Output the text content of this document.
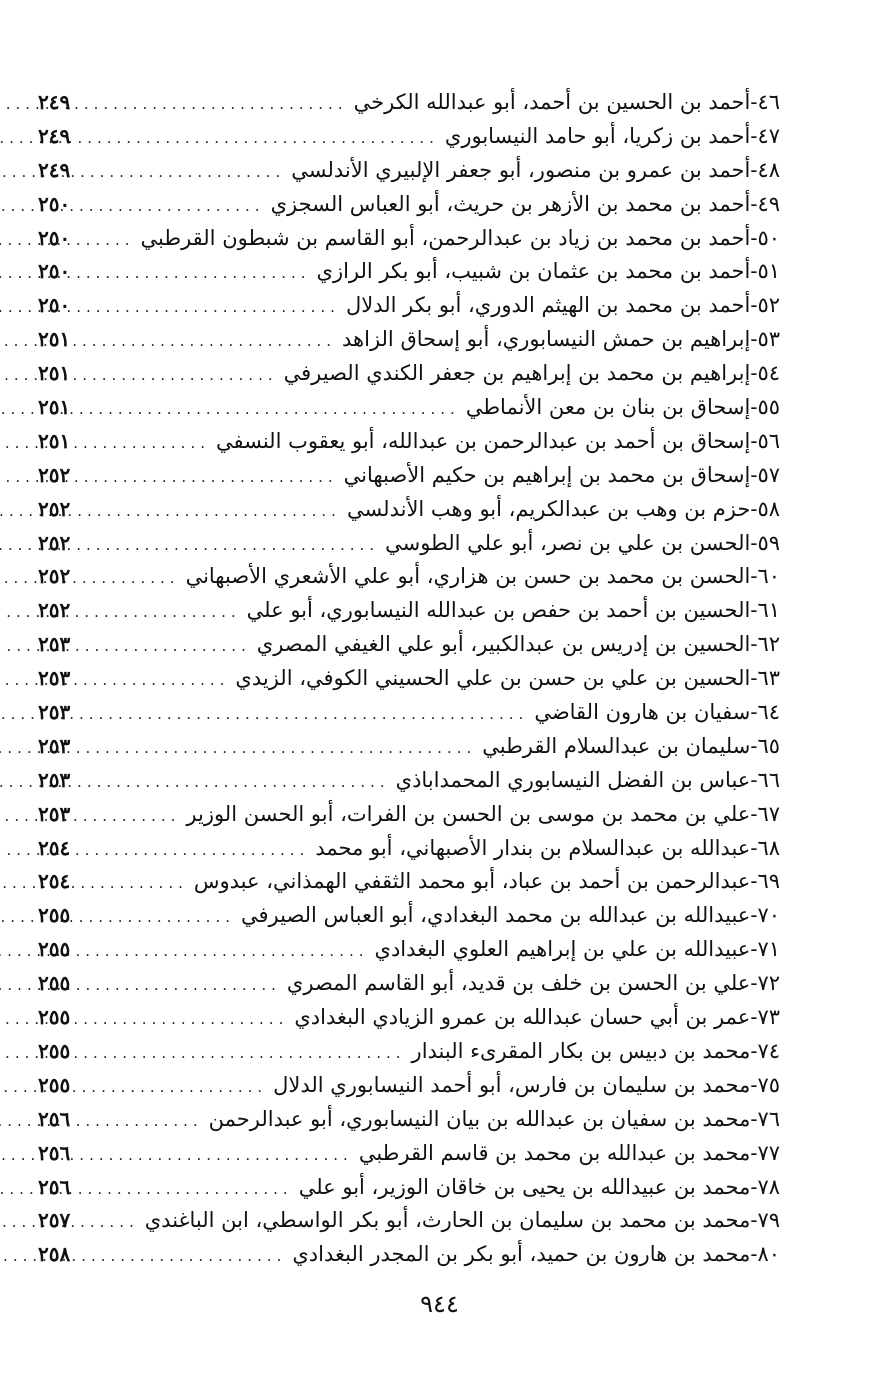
٤٦-
أحمد بن الحسين بن أحمد، أبو عبدالله الكرخي
.....
٢٤٩
٤٧-
أحمد بن زكريا، أبو حامد النيسابوري
.....
٢٤٩
٤٨-
أحمد بن عمرو بن منصور، أبو جعفر الإلبيري الأندلسي
.....
٢٤٩
٤٩-
أحمد بن محمد بن الأزهر بن حريث، أبو العباس السجزي
.....
٢٥٠
٥٠-
أحمد بن محمد بن زياد بن عبدالرحمن، أبو القاسم بن شبطون القرطبي
.....
٢٥٠
٥١-
أحمد بن محمد بن عثمان بن شبيب، أبو بكر الرازي
.....
٢٥٠
٥٢-
أحمد بن محمد بن الهيثم الدوري، أبو بكر الدلال
.....
٢٥٠
٥٣-
إبراهيم بن حمش النيسابوري، أبو إسحاق الزاهد
.....
٢٥١
٥٤-
إبراهيم بن محمد بن إبراهيم بن جعفر الكندي الصيرفي
.....
٢٥١
٥٥-
إسحاق بن بنان بن معن الأنماطي
.....
٢٥١
٥٦-
إسحاق بن أحمد بن عبدالرحمن بن عبدالله، أبو يعقوب النسفي
.....
٢٥١
٥٧-
إسحاق بن محمد بن إبراهيم بن حكيم الأصبهاني
.....
٢٥٢
٥٨-
حزم بن وهب بن عبدالكريم، أبو وهب الأندلسي
.....
٢٥٢
٥٩-
الحسن بن علي بن نصر، أبو علي الطوسي
.....
٢٥٢
٦٠-
الحسن بن محمد بن حسن بن هزاري، أبو علي الأشعري الأصبهاني
.....
٢٥٢
٦١-
الحسين بن أحمد بن حفص بن عبدالله النيسابوري، أبو علي
.....
٢٥٢
٦٢-
الحسين بن إدريس بن عبدالكبير، أبو علي الغيفي المصري
.....
٢٥٣
٦٣-
الحسين بن علي بن حسن بن علي الحسيني الكوفي، الزيدي
.....
٢٥٣
٦٤-
سفيان بن هارون القاضي
.....
٢٥٣
٦٥-
سليمان بن عبدالسلام القرطبي
.....
٢٥٣
٦٦-
عباس بن الفضل النيسابوري المحمداباذي
.....
٢٥٣
٦٧-
علي بن محمد بن موسى بن الحسن بن الفرات، أبو الحسن الوزير
.....
٢٥٣
٦٨-
عبدالله بن عبدالسلام بن بندار الأصبهاني، أبو محمد
.....
٢٥٤
٦٩-
عبدالرحمن بن أحمد بن عباد، أبو محمد الثقفي الهمذاني، عبدوس
.....
٢٥٤
٧٠-
عبيدالله بن عبدالله بن محمد البغدادي، أبو العباس الصيرفي
.....
٢٥٥
٧١-
عبيدالله بن علي بن إبراهيم العلوي البغدادي
.....
٢٥٥
٧٢-
علي بن الحسن بن خلف بن قديد، أبو القاسم المصري
.....
٢٥٥
٧٣-
عمر بن أبي حسان عبدالله بن عمرو الزيادي البغدادي
.....
٢٥٥
٧٤-
محمد بن دبيس بن بكار المقرىء البندار
.....
٢٥٥
٧٥-
محمد بن سليمان بن فارس، أبو أحمد النيسابوري الدلال
.....
٢٥٥
٧٦-
محمد بن سفيان بن عبدالله بن بيان النيسابوري، أبو عبدالرحمن
.....
٢٥٦
٧٧-
محمد بن عبدالله بن محمد بن قاسم القرطبي
.....
٢٥٦
٧٨-
محمد بن عبيدالله بن يحيى بن خاقان الوزير، أبو علي
.....
٢٥٦
٧٩-
محمد بن محمد بن سليمان بن الحارث، أبو بكر الواسطي، ابن الباغندي
.....
٢٥٧
٨٠-
محمد بن هارون بن حميد، أبو بكر بن المجدر البغدادي
.....
٢٥٨
٩٤٤
